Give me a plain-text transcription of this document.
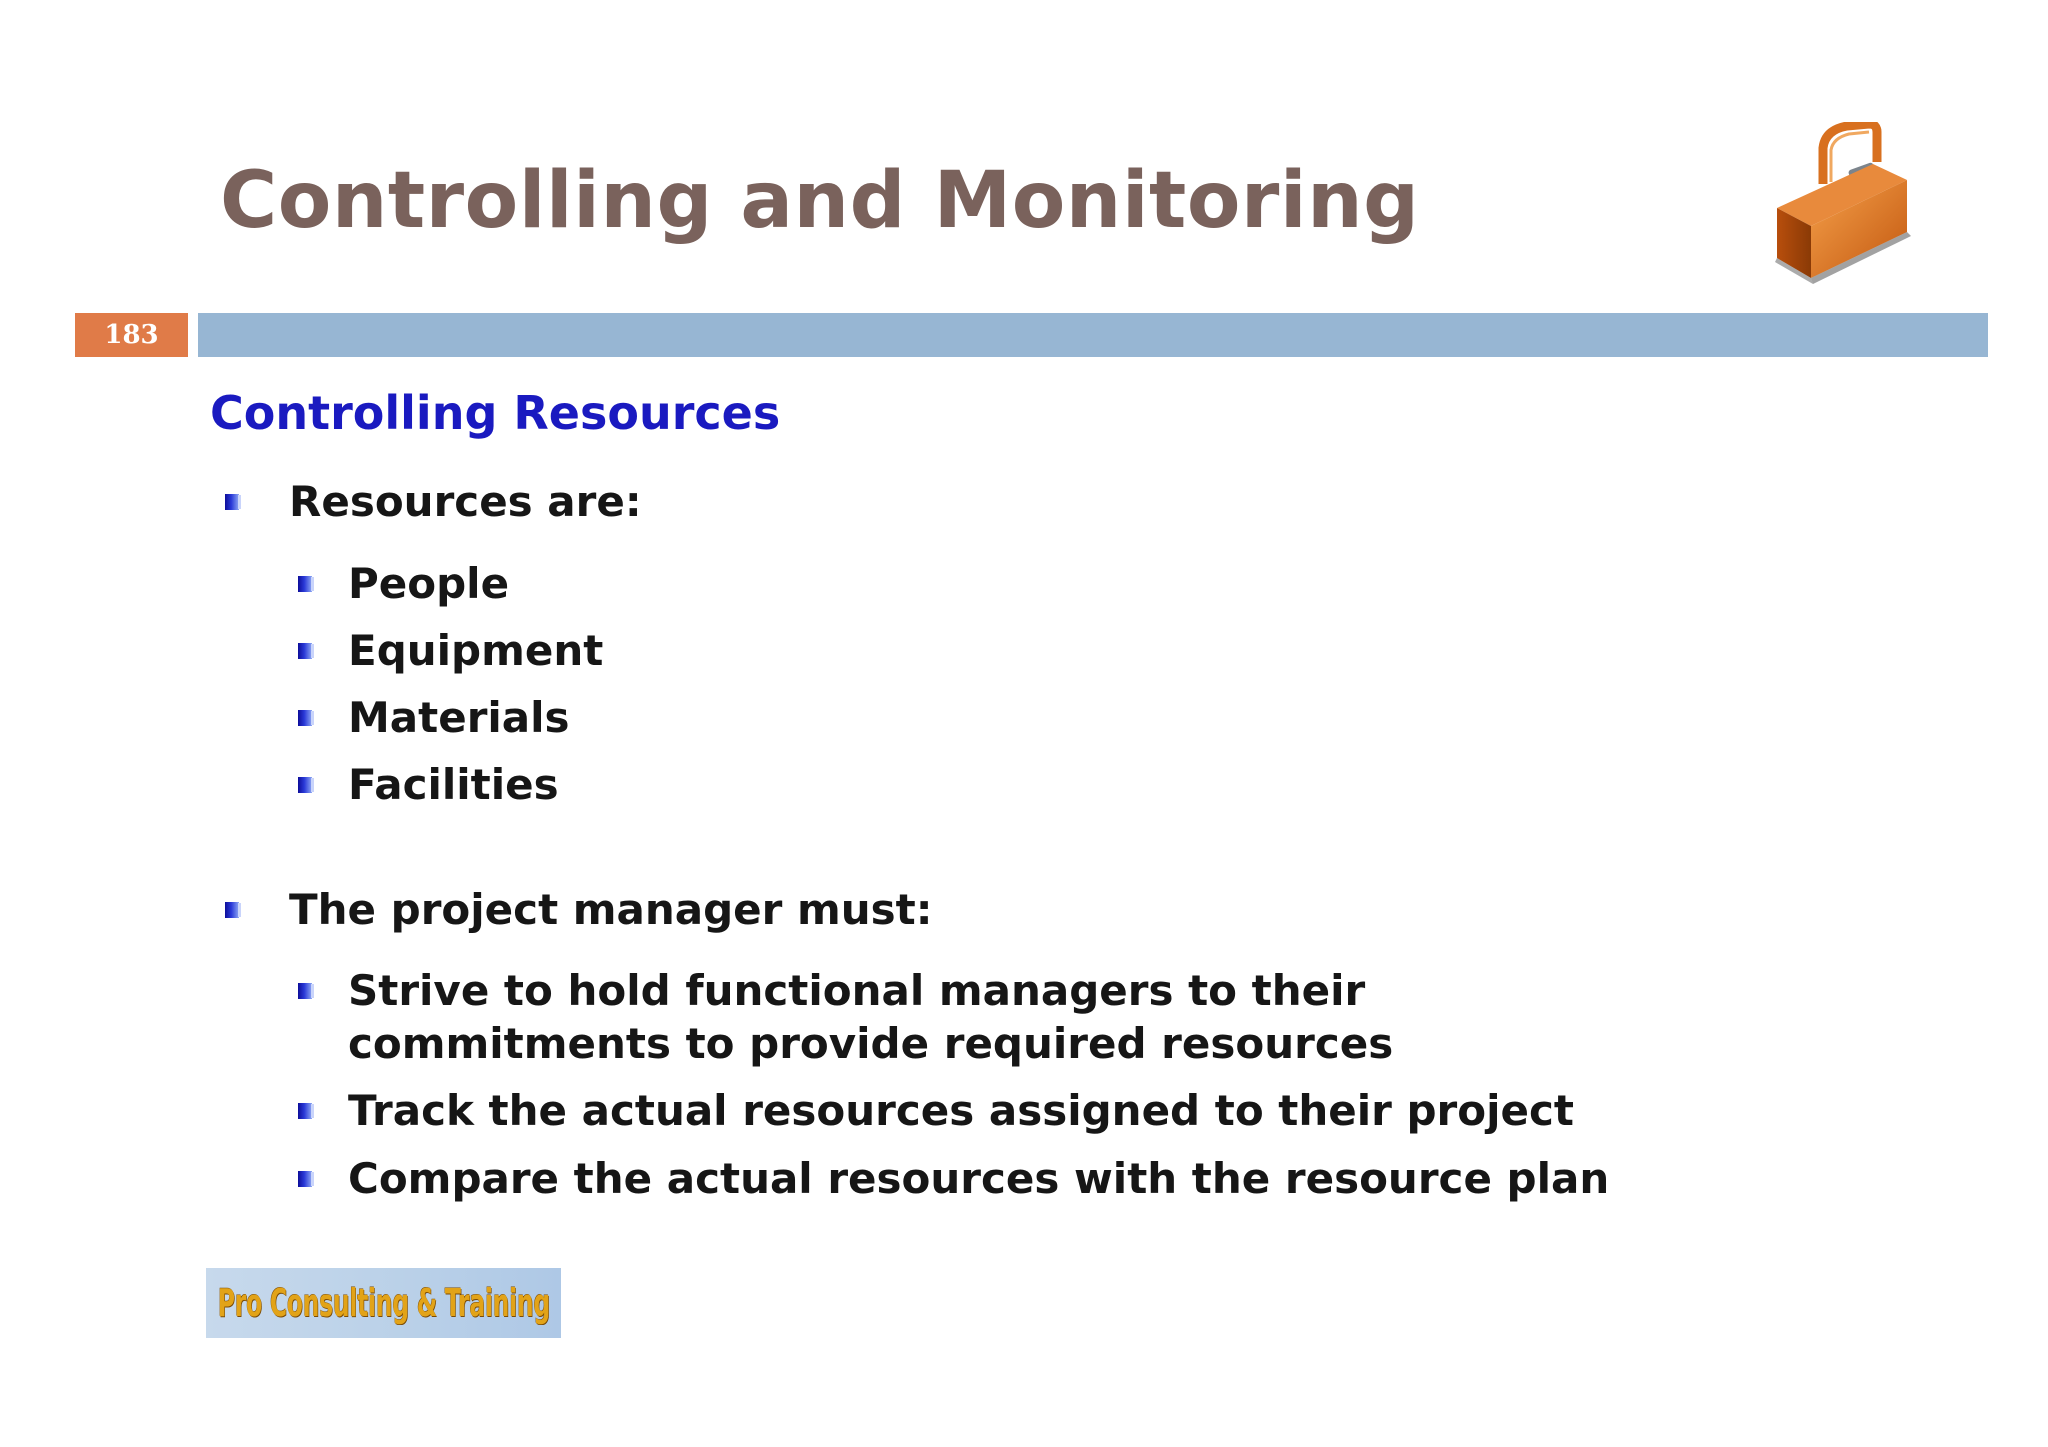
Controlling and Monitoring
183
Controlling Resources
Resources are:
People
Equipment
Materials
Facilities
The project manager must:
Strive to hold functional managers to their commitments to provide required resources
Track the actual resources assigned to their project
Compare the actual resources with the resource plan
Pro Consulting & Training
